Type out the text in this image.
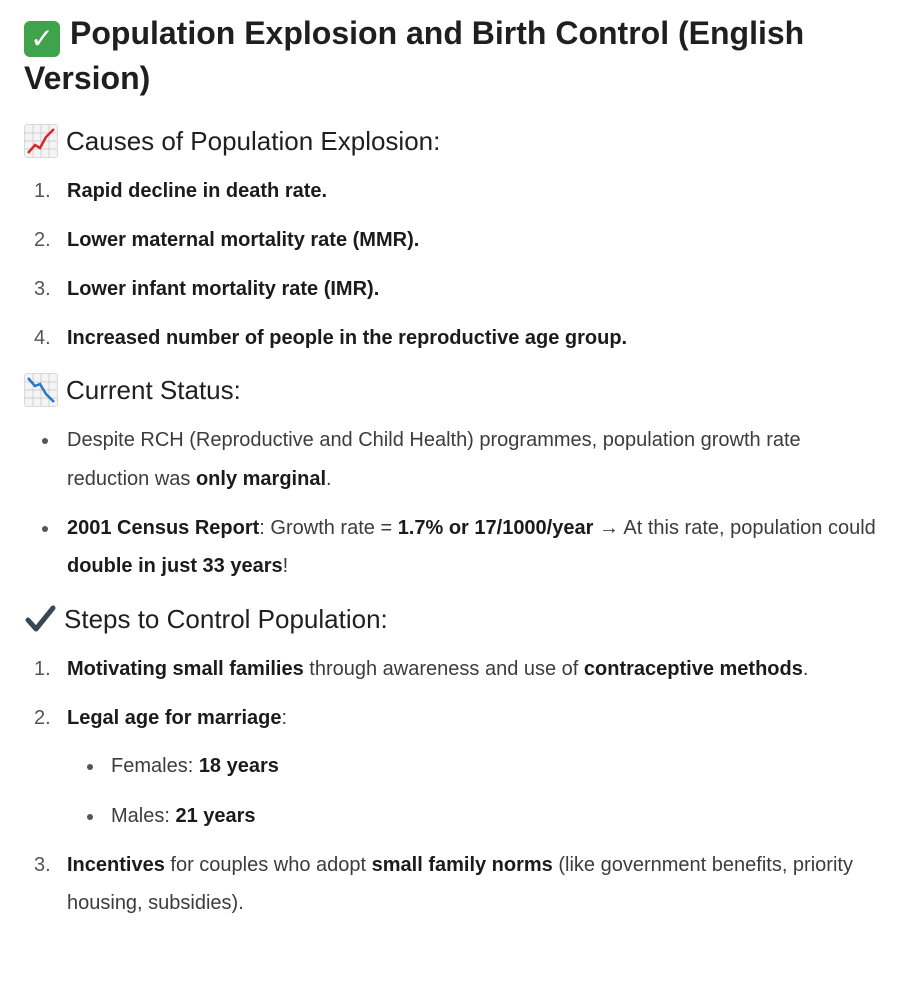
✓ Population Explosion and Birth Control (English Version)
Causes of Population Explosion:
1. Rapid decline in death rate.
2. Lower maternal mortality rate (MMR).
3. Lower infant mortality rate (IMR).
4. Increased number of people in the reproductive age group.
Current Status:
Despite RCH (Reproductive and Child Health) programmes, population growth rate reduction was only marginal.
2001 Census Report: Growth rate = 1.7% or 17/1000/year → At this rate, population could double in just 33 years!
Steps to Control Population:
1. Motivating small families through awareness and use of contraceptive methods.
2. Legal age for marriage:
Females: 18 years
Males: 21 years
3. Incentives for couples who adopt small family norms (like government benefits, priority housing, subsidies).
